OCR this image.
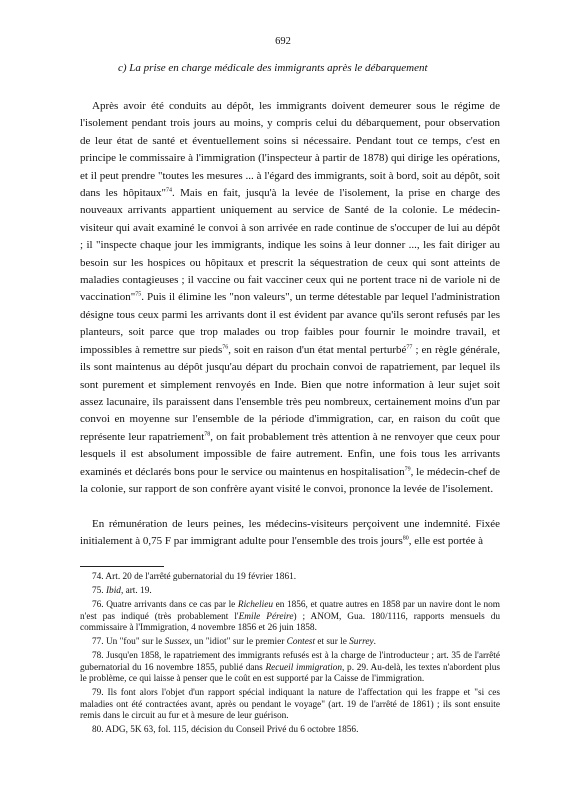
692
c) La prise en charge médicale des immigrants après le débarquement

Après avoir été conduits au dépôt, les immigrants doivent demeurer sous le régime de l'isolement pendant trois jours au moins, y compris celui du débarquement, pour observation de leur état de santé et éventuellement soins si nécessaire. Pendant tout ce temps, c'est en principe le commissaire à l'immigration (l'inspecteur à partir de 1878) qui dirige les opérations, et il peut prendre "toutes les mesures ... à l'égard des immigrants, soit à bord, soit au dépôt, soit dans les hôpitaux"$^{74}$. Mais en fait, jusqu'à la levée de l'isolement, la prise en charge des nouveaux arrivants appartient uniquement au service de Santé de la colonie. Le médecin-visiteur qui avait examiné le convoi à son arrivée en rade continue de s'occuper de lui au dépôt ; il "inspecte chaque jour les immigrants, indique les soins à leur donner ..., les fait diriger au besoin sur les hospices ou hôpitaux et prescrit la séquestration de ceux qui sont atteints de maladies contagieuses ; il vaccine ou fait vacciner ceux qui ne portent trace ni de variole ni de vaccination"$^{75}$. Puis il élimine les "non valeurs", un terme détestable par lequel l'administration désigne tous ceux parmi les arrivants dont il est évident par avance qu'ils seront refusés par les planteurs, soit parce que trop malades ou trop faibles pour fournir le moindre travail, et impossibles à remettre sur pieds$^{76}$, soit en raison d'un état mental perturbé$^{77}$ ; en règle générale, ils sont maintenus au dépôt jusqu'au départ du prochain convoi de rapatriement, par lequel ils sont purement et simplement renvoyés en Inde. Bien que notre information à leur sujet soit assez lacunaire, ils paraissent dans l'ensemble très peu nombreux, certainement moins d'un par convoi en moyenne sur l'ensemble de la période d'immigration, car, en raison du coût que représente leur rapatriement$^{78}$, on fait probablement très attention à ne renvoyer que ceux pour lesquels il est absolument impossible de faire autrement. Enfin, une fois tous les arrivants examinés et déclarés bons pour le service ou maintenus en hospitalisation$^{79}$, le médecin-chef de la colonie, sur rapport de son confrère ayant visité le convoi, prononce la levée de l'isolement.

En rémunération de leurs peines, les médecins-visiteurs perçoivent une indemnité. Fixée initialement à 0,75 F par immigrant adulte pour l'ensemble des trois jours$^{80}$, elle est portée à

74. Art. 20 de l'arrêté gubernatorial du 19 février 1861.

75. Ibid, art. 19.

76. Quatre arrivants dans ce cas par le Richelieu en 1856, et quatre autres en 1858 par un navire dont le nom n'est pas indiqué (très probablement l'Emile Péreire) ; ANOM, Gua. 180/1116, rapports mensuels du commissaire à l'Immigration, 4 novembre 1856 et 26 juin 1858.

77. Un "fou" sur le Sussex, un "idiot" sur le premier Contest et sur le Surrey.

78. Jusqu'en 1858, le rapatriement des immigrants refusés est à la charge de l'introducteur ; art. 35 de l'arrêté gubernatorial du 16 novembre 1855, publié dans Recueil immigration, p. 29. Au-delà, les textes n'abordent plus le problème, ce qui laisse à penser que le coût en est supporté par la Caisse de l'immigration.

79. Ils font alors l'objet d'un rapport spécial indiquant la nature de l'affectation qui les frappe et "si ces maladies ont été contractées avant, après ou pendant le voyage" (art. 19 de l'arrêté de 1861) ; ils sont ensuite remis dans le circuit au fur et à mesure de leur guérison.

80. ADG, 5K 63, fol. 115, décision du Conseil Privé du 6 octobre 1856.
